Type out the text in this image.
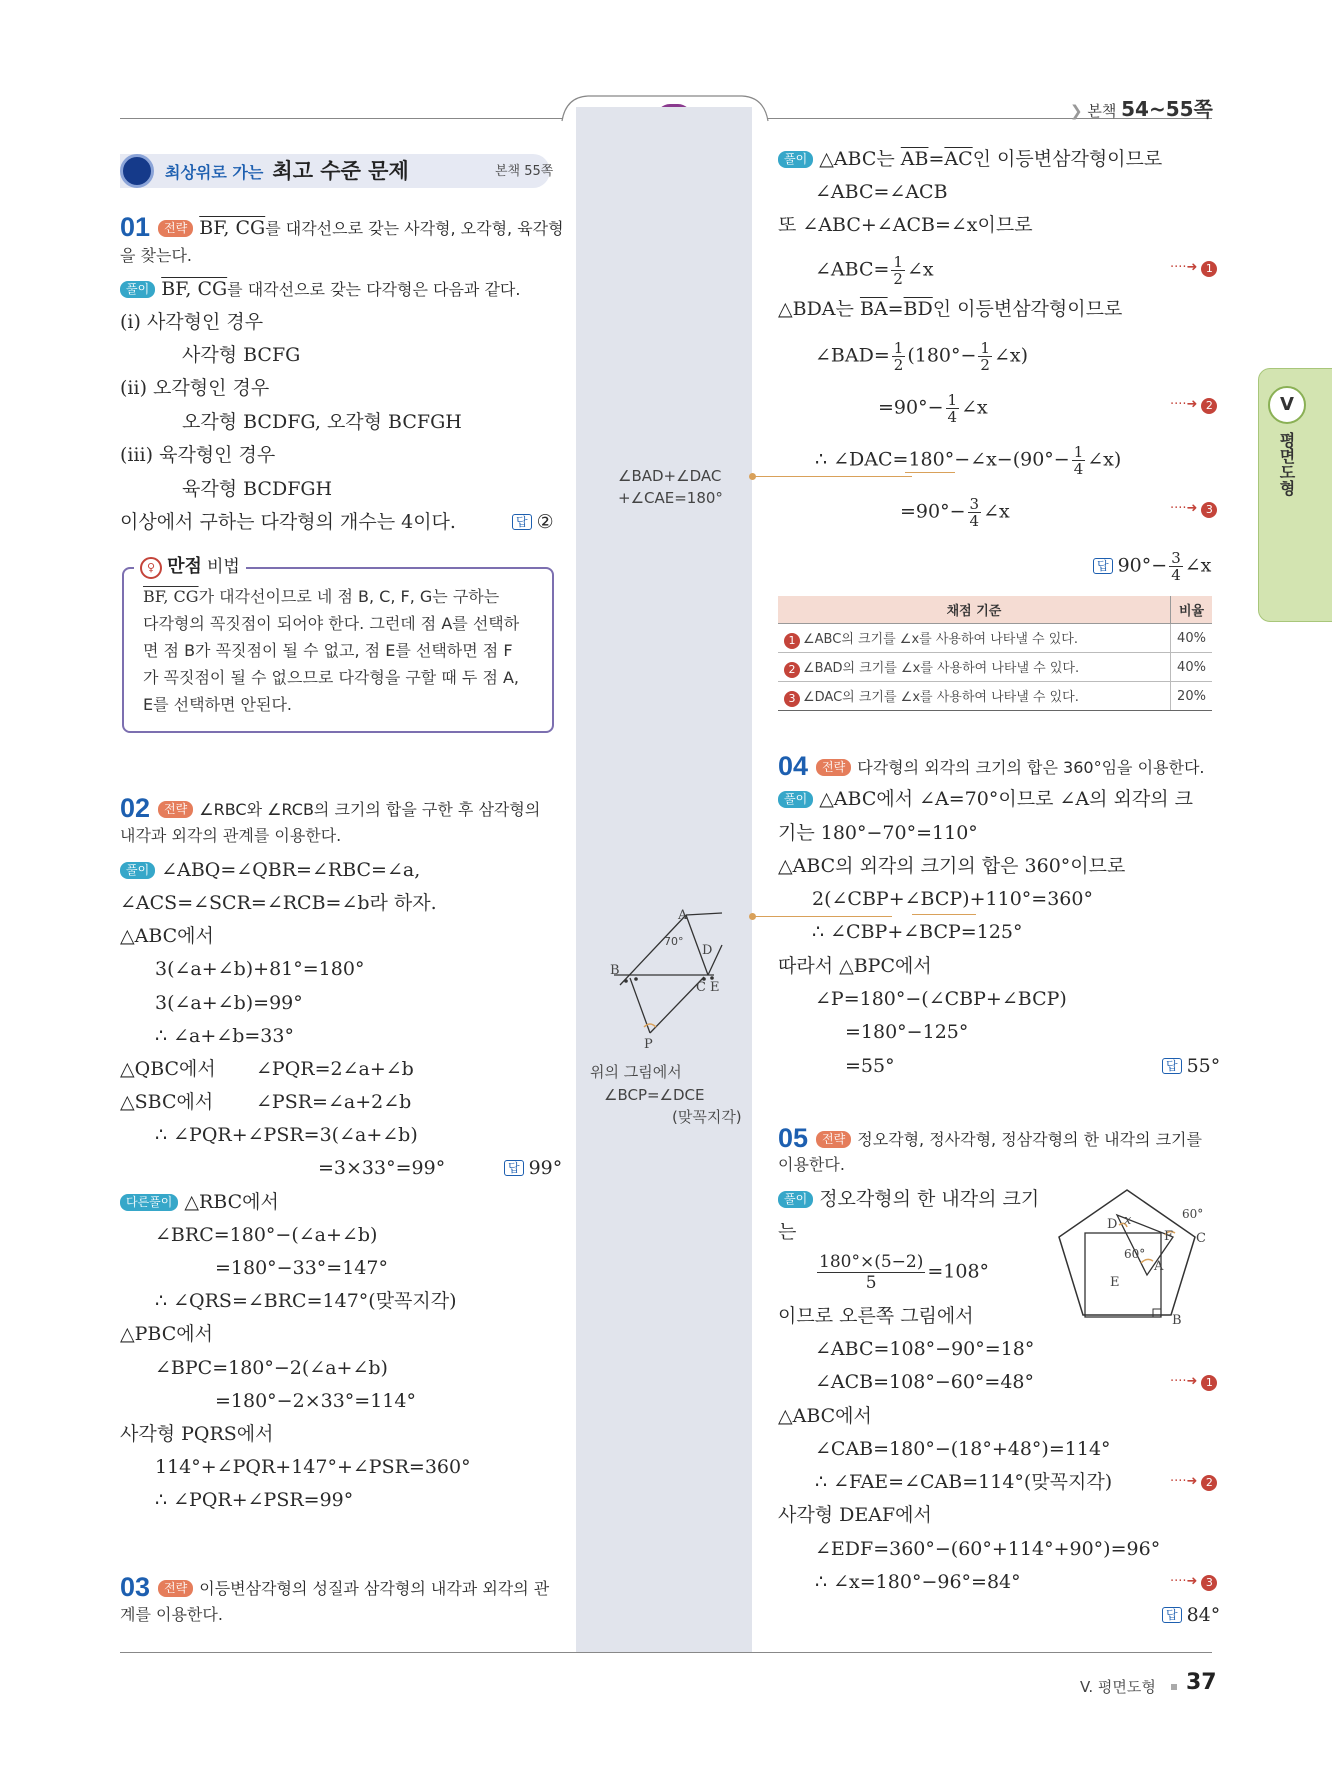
❯ 본책 54~55쪽
V
평면도형
최상위로 가는 최고 수준 문제	본책 55쪽
01 전략 BF, CG를 대각선으로 갖는 사각형, 오각형, 육각형
을 찾는다.
풀이 BF, CG를 대각선으로 갖는 다각형은 다음과 같다.
(ⅰ) 사각형인 경우
사각형 BCFG
(ⅱ) 오각형인 경우
오각형 BCDFG, 오각형 BCFGH
(ⅲ) 육각형인 경우
육각형 BCDFGH
이상에서 구하는 다각형의 개수는 4이다.	답 ②
♀ 만점 비법
BF, CG가 대각선이므로 네 점 B, C, F, G는 구하는
다각형의 꼭짓점이 되어야 한다. 그런데 점 A를 선택하
면 점 B가 꼭짓점이 될 수 없고, 점 E를 선택하면 점 F
가 꼭짓점이 될 수 없으므로 다각형을 구할 때 두 점 A,
E를 선택하면 안된다.
02 전략 ∠RBC와 ∠RCB의 크기의 합을 구한 후 삼각형의
내각과 외각의 관계를 이용한다.
풀이 ∠ABQ=∠QBR=∠RBC=∠a,
∠ACS=∠SCR=∠RCB=∠b라 하자.
△ABC에서
3(∠a+∠b)+81°=180°
3(∠a+∠b)=99°
∴ ∠a+∠b=33°
△QBC에서 ∠PQR=2∠a+∠b
△SBC에서 ∠PSR=∠a+2∠b
∴ ∠PQR+∠PSR=3(∠a+∠b)
=3×33°=99°	답 99°
다른풀이 △RBC에서
∠BRC=180°−(∠a+∠b)
=180°−33°=147°
∴ ∠QRS=∠BRC=147°(맞꼭지각)
△PBC에서
∠BPC=180°−2(∠a+∠b)
=180°−2×33°=114°
사각형 PQRS에서
114°+∠PQR+147°+∠PSR=360°
∴ ∠PQR+∠PSR=99°
03 전략 이등변삼각형의 성질과 삼각형의 내각과 외각의 관
계를 이용한다.
∠BAD+∠DAC
+∠CAE=180°
A
B
C
D
E
P
70°
위의 그림에서
∠BCP=∠DCE
(맞꼭지각)
풀이 △ABC는 $\overline{AB}=\overline{AC}$인 이등변삼각형이므로
∠ABC=∠ACB
또 ∠ABC+∠ACB=∠x이므로
∠ABC= $\frac{1}{2}$ ∠x	····➜ 1
△BDA는 $\overline{BA}=\overline{BD}$인 이등변삼각형이므로
∠BAD= $\frac{1}{2} (180^\circ- \frac{1}{2}$ ∠x)
$=90^\circ- \frac{1}{4}$ ∠x	····➜ 2
∴ ∠DAC=180°−∠x−(90°− $\frac{1}{4}$ ∠x)
$=90^\circ- \frac{3}{4}$ ∠x	····➜ 3
답 $90^\circ- \frac{3}{4}$ ∠x
채점 기준	비율
1 ∠ABC의 크기를 ∠x를 사용하여 나타낼 수 있다.	40%
2 ∠BAD의 크기를 ∠x를 사용하여 나타낼 수 있다.	40%
3 ∠DAC의 크기를 ∠x를 사용하여 나타낼 수 있다.	20%
04 전략 다각형의 외각의 크기의 합은 360°임을 이용한다.
풀이 △ABC에서 ∠A=70°이므로 ∠A의 외각의 크
기는 180°−70°=110°
△ABC의 외각의 크기의 합은 360°이므로
2(∠CBP+∠BCP)+110°=360°
∴ ∠CBP+∠BCP=125°
따라서 △BPC에서
∠P=180°−(∠CBP+∠BCP)
=180°−125°
=55°	답 55°
05 전략 정오각형, 정사각형, 정삼각형의 한 내각의 크기를
이용한다.
풀이 정오각형의 한 내각의 크기
는
$\frac{180^\circ\times(5-2)}{5} =108^\circ$
이므로 오른쪽 그림에서
∠ABC=108°−90°=18°
∠ACB=108°−60°=48°	····➜ 1
△ABC에서
∠CAB=180°−(18°+48°)=114°
∴ ∠FAE=∠CAB=114°(맞꼭지각)	····➜ 2
사각형 DEAF에서
∠EDF=360°−(60°+114°+90°)=96°
∴ ∠x=180°−96°=84°	····➜ 3
답 84°
D x
F C
A
E
B
60°
60°
V. 평면도형 37
